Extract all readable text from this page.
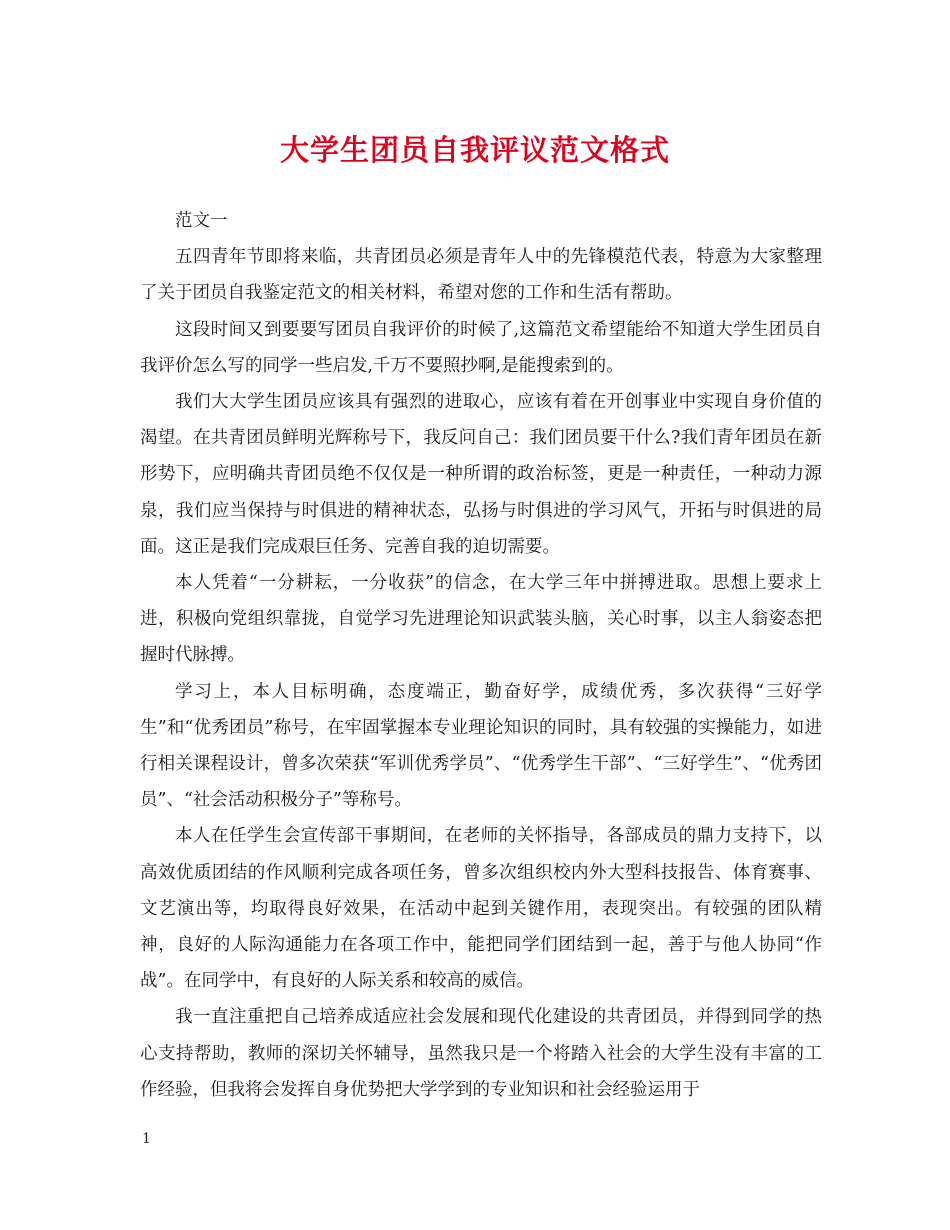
大学生团员自我评议范文格式

范文一

五四青年节即将来临，共青团员必须是青年人中的先锋模范代表，特意为大家整理了关于团员自我鉴定范文的相关材料，希望对您的工作和生活有帮助。

这段时间又到要要写团员自我评价的时候了,这篇范文希望能给不知道大学生团员自我评价怎么写的同学一些启发,千万不要照抄啊,是能搜索到的。

我们大大学生团员应该具有强烈的进取心，应该有着在开创事业中实现自身价值的渴望。在共青团员鲜明光辉称号下，我反问自己：我们团员要干什么?我们青年团员在新形势下，应明确共青团员绝不仅仅是一种所谓的政治标签，更是一种责任，一种动力源泉，我们应当保持与时俱进的精神状态，弘扬与时俱进的学习风气，开拓与时俱进的局面。这正是我们完成艰巨任务、完善自我的迫切需要。

本人凭着“一分耕耘，一分收获”的信念，在大学三年中拼搏进取。思想上要求上进，积极向党组织靠拢，自觉学习先进理论知识武装头脑，关心时事，以主人翁姿态把握时代脉搏。

学习上，本人目标明确，态度端正，勤奋好学，成绩优秀，多次获得“三好学生”和“优秀团员”称号，在牢固掌握本专业理论知识的同时，具有较强的实操能力，如进行相关课程设计，曾多次荣获“军训优秀学员”、“优秀学生干部”、“三好学生”、“优秀团员”、“社会活动积极分子”等称号。

本人在任学生会宣传部干事期间，在老师的关怀指导，各部成员的鼎力支持下，以高效优质团结的作风顺利完成各项任务，曾多次组织校内外大型科技报告、体育赛事、文艺演出等，均取得良好效果，在活动中起到关键作用，表现突出。有较强的团队精神，良好的人际沟通能力在各项工作中，能把同学们团结到一起，善于与他人协同“作战”。在同学中，有良好的人际关系和较高的威信。

我一直注重把自己培养成适应社会发展和现代化建设的共青团员，并得到同学的热心支持帮助，教师的深切关怀辅导，虽然我只是一个将踏入社会的大学生没有丰富的工作经验，但我将会发挥自身优势把大学学到的专业知识和社会经验运用于

1
